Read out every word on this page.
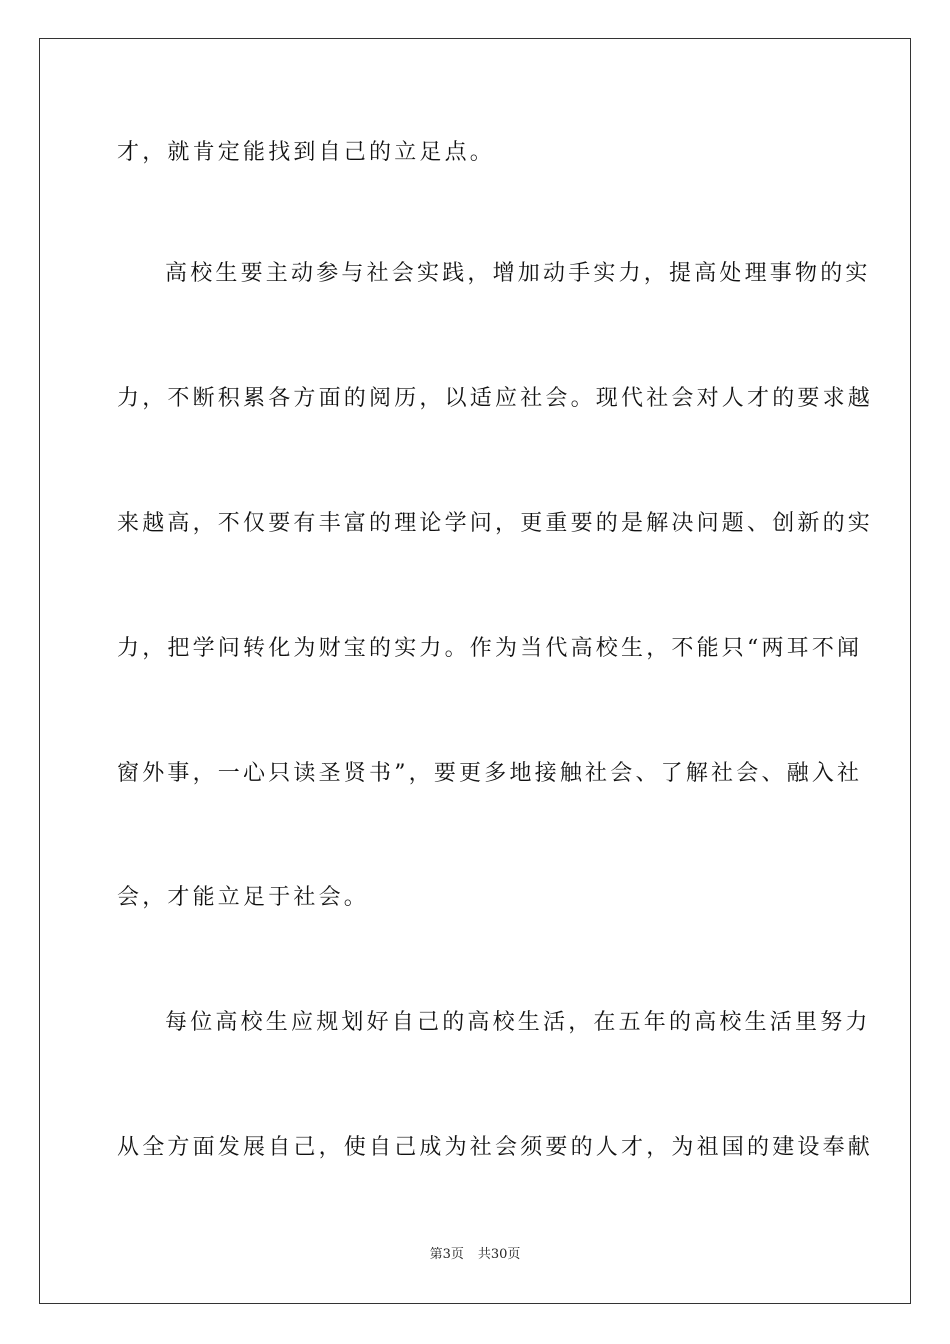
才，就肯定能找到自己的立足点。
高校生要主动参与社会实践，增加动手实力，提高处理事物的实
力，不断积累各方面的阅历，以适应社会。现代社会对人才的要求越
来越高，不仅要有丰富的理论学问，更重要的是解决问题、创新的实
力，把学问转化为财宝的实力。作为当代高校生，不能只“两耳不闻
窗外事，一心只读圣贤书”，要更多地接触社会、了解社会、融入社
会，才能立足于社会。
每位高校生应规划好自己的高校生活，在五年的高校生活里努力
从全方面发展自己，使自己成为社会须要的人才，为祖国的建设奉献
第3页 共30页
